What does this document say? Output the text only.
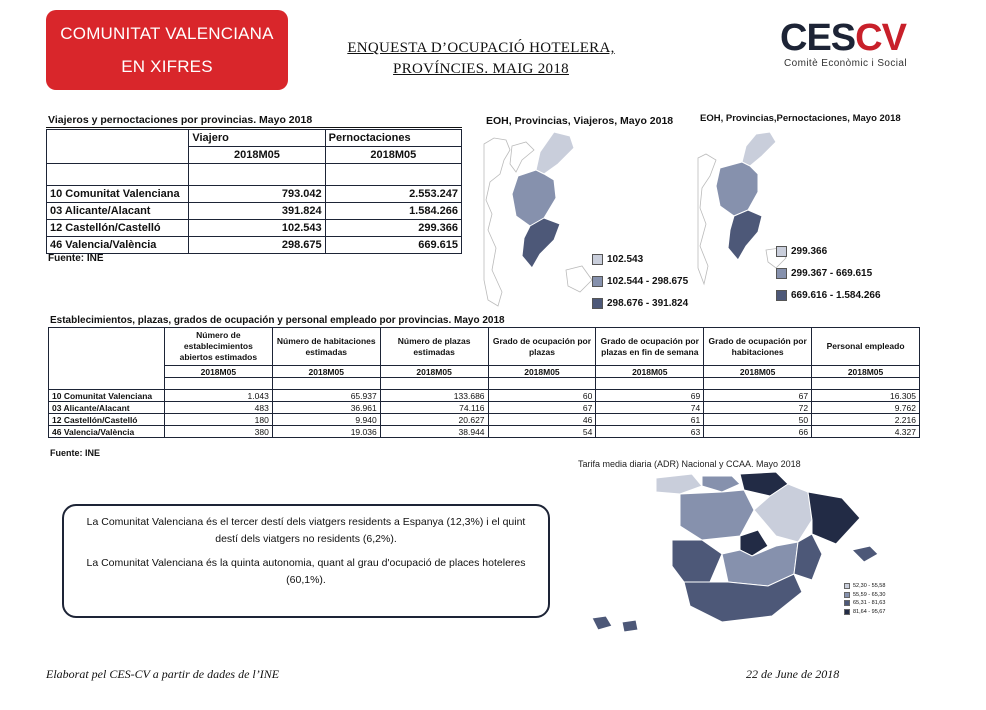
COMUNITAT VALENCIANA
EN XIFRES
ENQUESTA D’OCUPACIÓ HOTELERA,
PROVÍNCIES. MAIG 2018
CESCV
Comitè Econòmic i Social
Viajeros y pernoctaciones por provincias. Mayo 2018
	Viajero	Pernoctaciones
	2018M05	2018M05

10 Comunitat Valenciana	793.042	2.553.247
03 Alicante/Alacant	391.824	1.584.266
12 Castellón/Castelló	102.543	299.366
46 Valencia/València	298.675	669.615
Fuente: INE
EOH, Provincias, Viajeros, Mayo 2018
102.543
102.544 - 298.675
298.676 - 391.824
EOH, Provincias,Pernoctaciones, Mayo 2018
299.366
299.367 - 669.615
669.616 - 1.584.266
Establecimientos, plazas, grados de ocupación y personal empleado por provincias. Mayo 2018
	Número de establecimientos abiertos estimados	Número de habitaciones estimadas	Número de plazas estimadas	Grado de ocupación por plazas	Grado de ocupación por plazas en fin de semana	Grado de ocupación por habitaciones	Personal empleado
	2018M05	2018M05	2018M05	2018M05	2018M05	2018M05	2018M05

10 Comunitat Valenciana	1.043	65.937	133.686	60	69	67	16.305
03 Alicante/Alacant	483	36.961	74.116	67	74	72	9.762
12 Castellón/Castelló	180	9.940	20.627	46	61	50	2.216
46 Valencia/València	380	19.036	38.944	54	63	66	4.327
Fuente: INE
Tarifa media diaria (ADR) Nacional y CCAA. Mayo 2018
52,30 - 55,58
55,59 - 65,30
65,31 - 81,63
81,64 - 95,67

La Comunitat Valenciana és el tercer destí dels viatgers residents a Espanya (12,3%) i el quint destí dels viatgers no residents (6,2%).

La Comunitat Valenciana és la quinta autonomia, quant al grau d'ocupació de places hoteleres (60,1%).

Elaborat pel CES-CV a partir de dades de l’INE	22 de June de 2018
